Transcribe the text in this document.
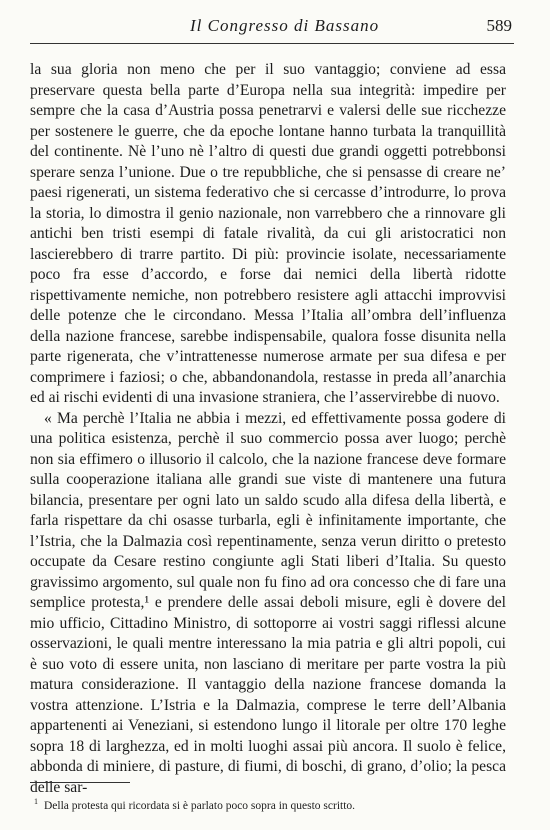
Il Congresso di Bassano	589

la sua gloria non meno che per il suo vantaggio; conviene ad essa preservare questa bella parte d’Europa nella sua integrità: impedire per sempre che la casa d’Austria possa penetrarvi e valersi delle sue ricchezze per sostenere le guerre, che da epoche lontane hanno turbata la tranquillità del continente. Nè l’uno nè l’altro di questi due grandi oggetti potrebbonsi sperare senza l’unione. Due o tre repubbliche, che si pensasse di creare ne’ paesi rigenerati, un sistema federativo che si cercasse d’introdurre, lo prova la storia, lo dimostra il genio nazionale, non varrebbero che a rinnovare gli antichi ben tristi esempi di fatale rivalità, da cui gli aristocratici non lascierebbero di trarre partito. Di più: provincie isolate, necessariamente poco fra esse d’accordo, e forse dai nemici della libertà ridotte rispettivamente nemiche, non potrebbero resistere agli attacchi improvvisi delle potenze che le circondano. Messa l’Italia all’ombra dell’influenza della nazione francese, sarebbe indispensabile, qualora fosse disunita nella parte rigenerata, che v’intrattenesse numerose armate per sua difesa e per comprimere i faziosi; o che, abbandonandola, restasse in preda all’anarchia ed ai rischi evidenti di una invasione straniera, che l’asservirebbe di nuovo.

« Ma perchè l’Italia ne abbia i mezzi, ed effettivamente possa godere di una politica esistenza, perchè il suo commercio possa aver luogo; perchè non sia effimero o illusorio il calcolo, che la nazione francese deve formare sulla cooperazione italiana alle grandi sue viste di mantenere una futura bilancia, presentare per ogni lato un saldo scudo alla difesa della libertà, e farla rispettare da chi osasse turbarla, egli è infinitamente importante, che l’Istria, che la Dalmazia così repentinamente, senza verun diritto o pretesto occupate da Cesare restino congiunte agli Stati liberi d’Italia. Su questo gravissimo argomento, sul quale non fu fino ad ora concesso che di fare una semplice protesta,¹ e prendere delle assai deboli misure, egli è dovere del mio ufficio, Cittadino Ministro, di sottoporre ai vostri saggi riflessi alcune osservazioni, le quali mentre interessano la mia patria e gli altri popoli, cui è suo voto di essere unita, non lasciano di meritare per parte vostra la più matura considerazione. Il vantaggio della nazione francese domanda la vostra attenzione. L’Istria e la Dalmazia, comprese le terre dell’Albania appartenenti ai Veneziani, si estendono lungo il litorale per oltre 170 leghe sopra 18 di larghezza, ed in molti luoghi assai più ancora. Il suolo è felice, abbonda di miniere, di pasture, di fiumi, di boschi, di grano, d’olio; la pesca delle sar-

$^1$ Della protesta qui ricordata si è parlato poco sopra in questo scritto.
